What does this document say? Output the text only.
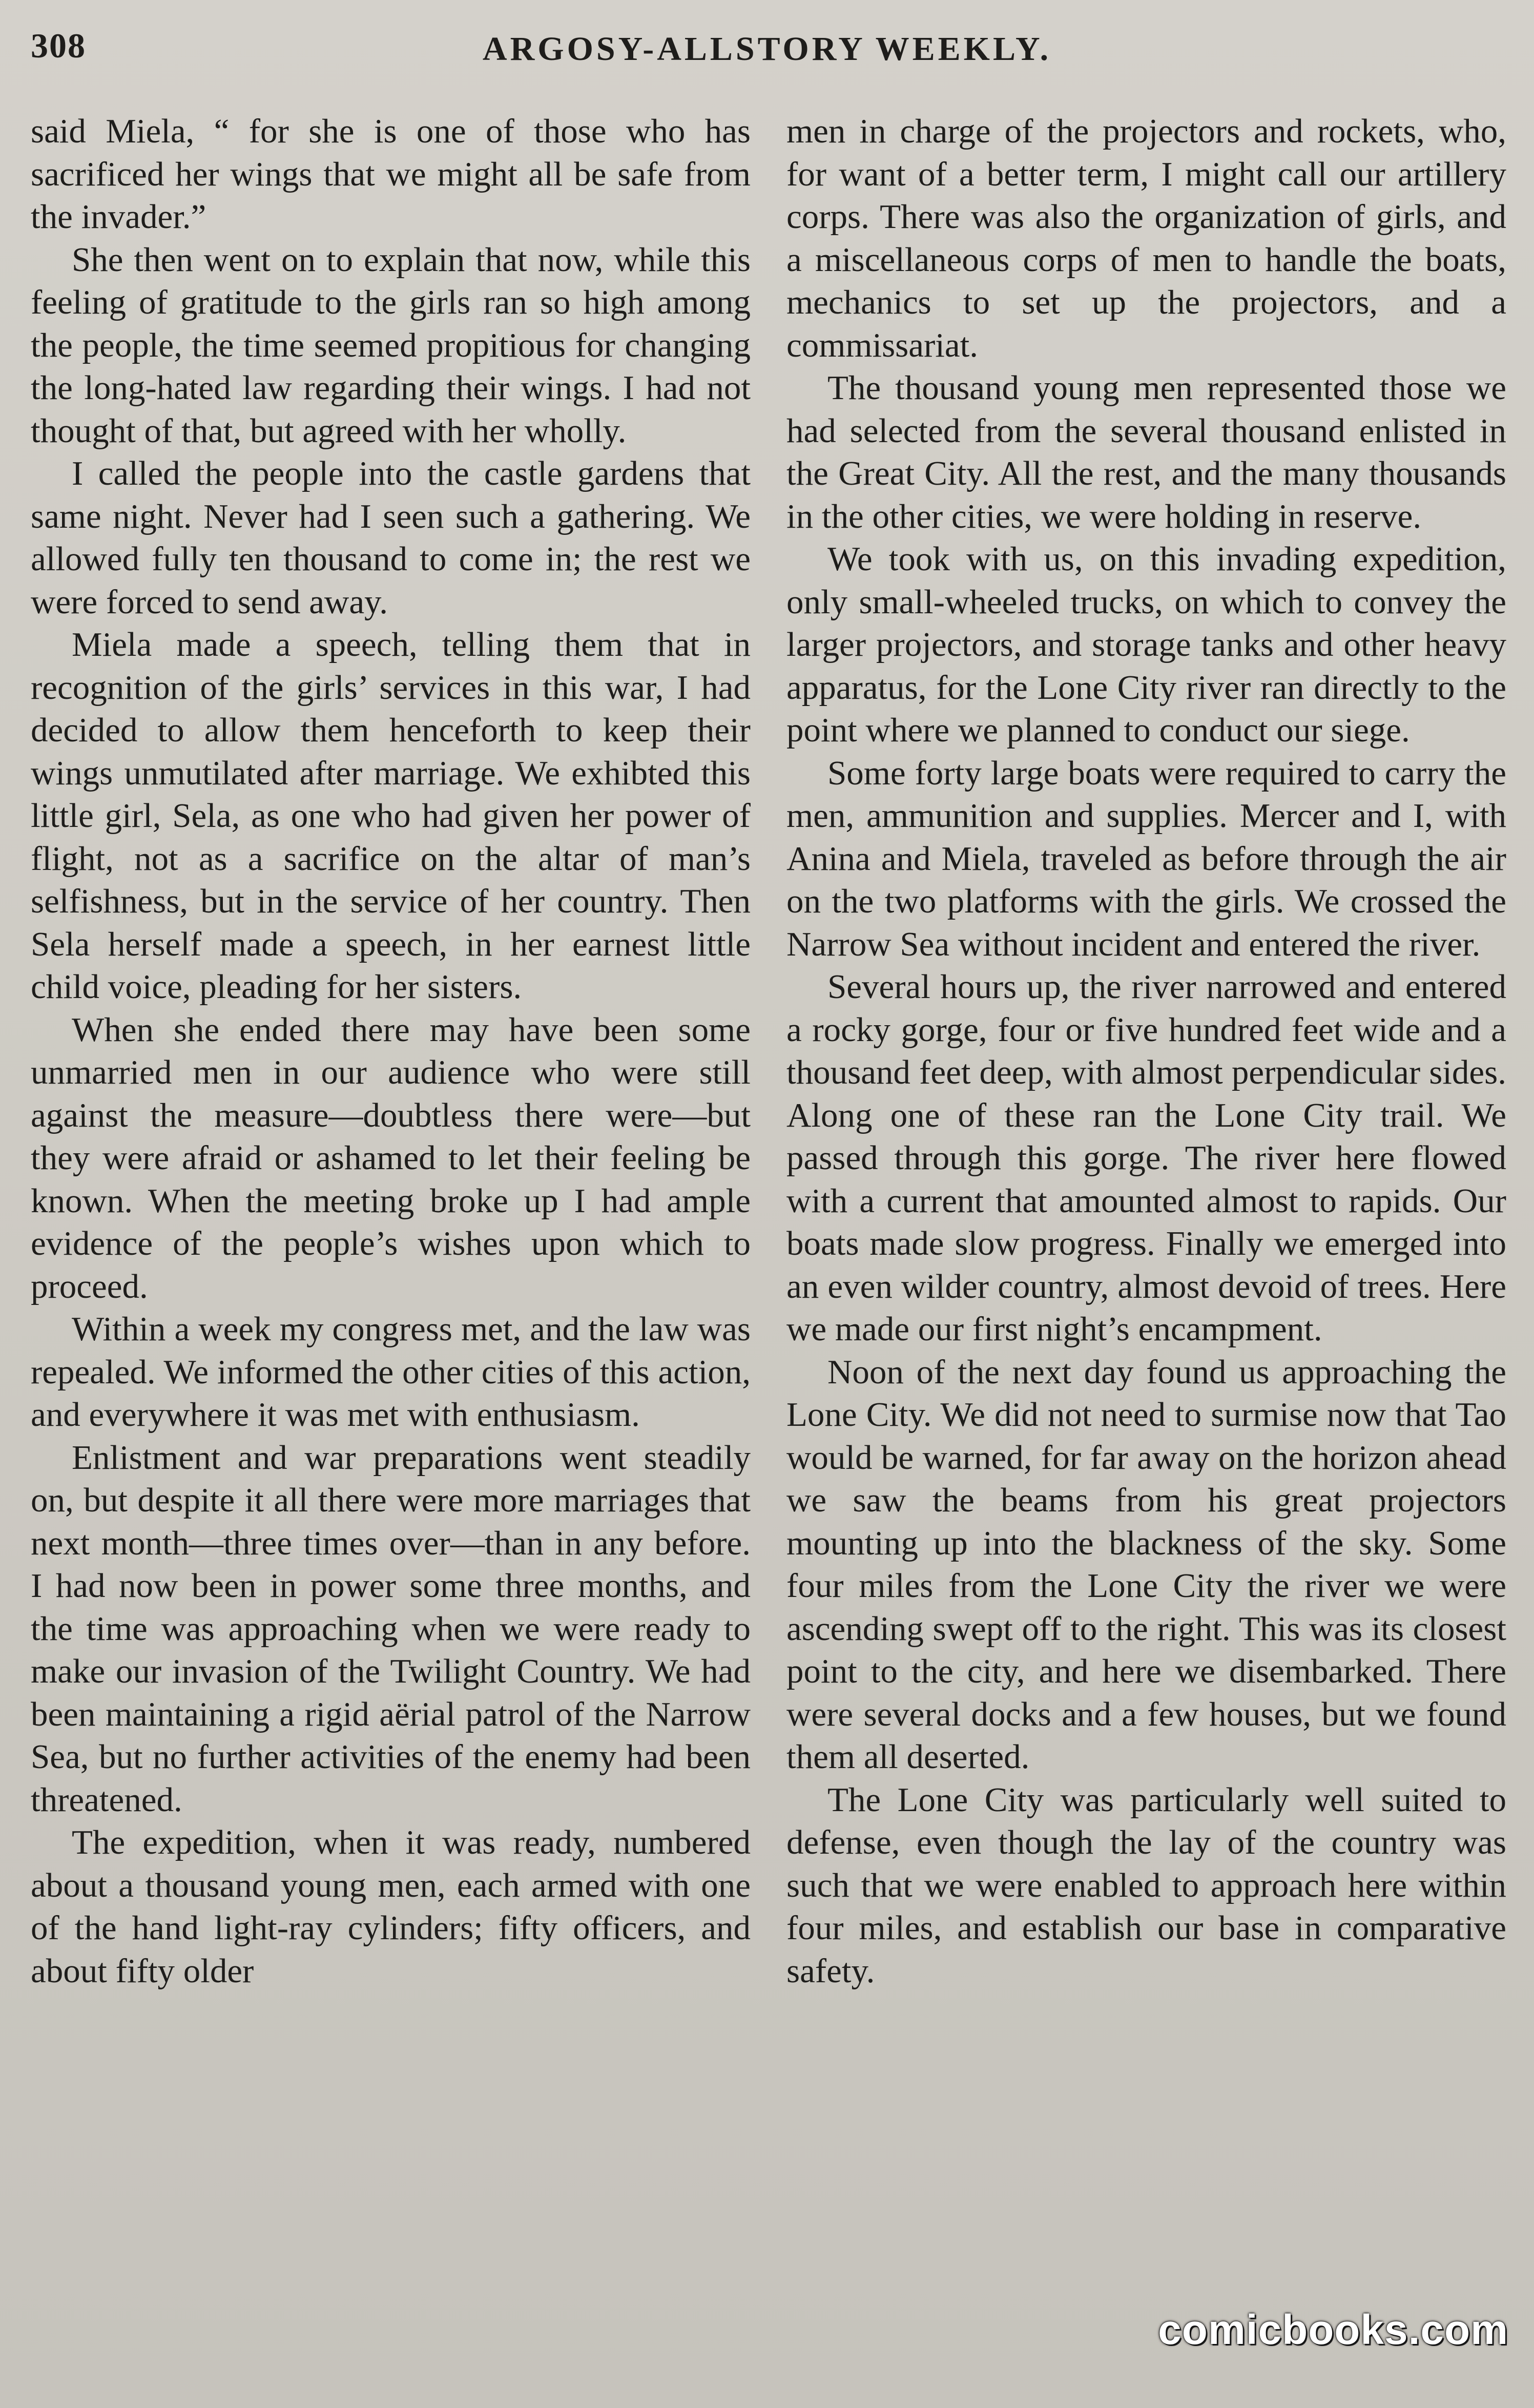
308	ARGOSY-ALLSTORY WEEKLY.

said Miela, “ for she is one of those who has sacrificed her wings that we might all be safe from the invader.”

She then went on to explain that now, while this feeling of gratitude to the girls ran so high among the people, the time seemed propitious for changing the long-hated law regarding their wings. I had not thought of that, but agreed with her wholly.

I called the people into the castle gardens that same night. Never had I seen such a gathering. We allowed fully ten thousand to come in; the rest we were forced to send away.

Miela made a speech, telling them that in recognition of the girls’ services in this war, I had decided to allow them henceforth to keep their wings unmutilated after marriage. We exhibted this little girl, Sela, as one who had given her power of flight, not as a sacrifice on the altar of man’s selfishness, but in the service of her country. Then Sela herself made a speech, in her earnest little child voice, pleading for her sisters.

When she ended there may have been some unmarried men in our audience who were still against the measure—doubtless there were—but they were afraid or ashamed to let their feeling be known. When the meeting broke up I had ample evidence of the people’s wishes upon which to proceed.

Within a week my congress met, and the law was repealed. We informed the other cities of this action, and everywhere it was met with enthusiasm.

Enlistment and war preparations went steadily on, but despite it all there were more marriages that next month—three times over—than in any before. I had now been in power some three months, and the time was approaching when we were ready to make our invasion of the Twilight Country. We had been maintaining a rigid aërial patrol of the Narrow Sea, but no further activities of the enemy had been threatened.

The expedition, when it was ready, numbered about a thousand young men, each armed with one of the hand light-ray cylinders; fifty officers, and about fifty older

men in charge of the projectors and rockets, who, for want of a better term, I might call our artillery corps. There was also the organization of girls, and a miscellaneous corps of men to handle the boats, mechanics to set up the projectors, and a commissariat.

The thousand young men represented those we had selected from the several thousand enlisted in the Great City. All the rest, and the many thousands in the other cities, we were holding in reserve.

We took with us, on this invading expedition, only small-wheeled trucks, on which to convey the larger projectors, and storage tanks and other heavy apparatus, for the Lone City river ran directly to the point where we planned to conduct our siege.

Some forty large boats were required to carry the men, ammunition and supplies. Mercer and I, with Anina and Miela, traveled as before through the air on the two platforms with the girls. We crossed the Narrow Sea without incident and entered the river.

Several hours up, the river narrowed and entered a rocky gorge, four or five hundred feet wide and a thousand feet deep, with almost perpendicular sides. Along one of these ran the Lone City trail. We passed through this gorge. The river here flowed with a current that amounted almost to rapids. Our boats made slow progress. Finally we emerged into an even wilder country, almost devoid of trees. Here we made our first night’s encampment.

Noon of the next day found us approaching the Lone City. We did not need to surmise now that Tao would be warned, for far away on the horizon ahead we saw the beams from his great projectors mounting up into the blackness of the sky. Some four miles from the Lone City the river we were ascending swept off to the right. This was its closest point to the city, and here we disembarked. There were several docks and a few houses, but we found them all deserted.

The Lone City was particularly well suited to defense, even though the lay of the country was such that we were enabled to approach here within four miles, and establish our base in comparative safety.

comicbooks.com
